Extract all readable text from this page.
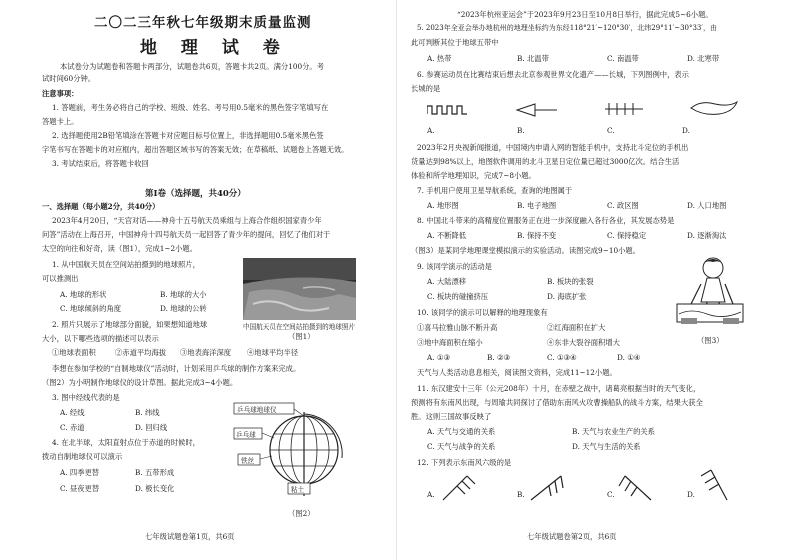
二〇二三年秋七年级期末质量监测
地 理 试 卷
本试卷分为试题卷和答题卡两部分，试题卷共6页，答题卡共2页。满分100分。考
试时间60分钟。
注意事项：
1. 答题前，考生务必将自己的学校、班级、姓名、考号用0.5毫米的黑色签字笔填写在
答题卡上。
2. 选择题使用2B铅笔填涂在答题卡对应题目标号位置上，非选择题用0.5毫米黑色签
字笔书写在答题卡的对应框内，超出答题区域书写的答案无效；在草稿纸、试题卷上答题无效。
3. 考试结束后，将答题卡收回
第Ⅰ卷（选择题，共40分）
一、选择题（每小题2分，共40分）
2023年4月20日，“天宫对话——神舟十五号航天员乘组与上海合作组织国家青少年
问答”活动在上海召开，中国神舟十四号航天员一起回答了青少年的提问，回忆了他们对于
太空的向往和好奇，读（图1），完成1~2小题。
1. 从中国航天员在空间站拍摄到的地球照片，
可以推测出
A. 地球的形状	B. 地球的大小
C. 地球倾斜的角度	D. 地球的公转
中国航天员在空间站拍摄到的地球照片
（图1）
2. 照片只展示了地球部分面貌，如果想知道地球
大小，以下哪些选项的描述可以表示
①地球表面积	②赤道平均海拔 ③地表海洋深度 ④地球平均半径
李想在参加学校的“自制地球仪”活动时，计划采用乒乓球的制作方案来完成。
（图2）为小明制作地球仪的设计草图。据此完成3~4小题。
3. 图中经线代表的是
A. 经线	B. 纬线
C. 赤道	D. 回归线
4. 在北半球，太阳直射点位于赤道的时候时，
拨动自制地球仪可以演示
A. 四季更替	B. 五带形成
C. 昼夜更替	D. 极长变化
乒乓球地球仪
乒乓球
铁丝
粘土
（图2）
七年级试题卷第1页，共6页
“2023年杭州亚运会”于2023年9月23日至10月8日举行，据此完成5~6小题。
5. 2023年全亚会举办地杭州的地理坐标约为东经118°21′~120°30′，北纬29°11′~30°33′，由
此可判断其位于地球五带中
A. 热带	B. 北温带	C. 南温带	D. 北寒带
6. 参赛运动员在比赛结束后想去北京参观世界文化遗产——长城，下列图例中，表示
长城的是
A.	B.	C.	D.
2023年2月央视新闻报道，中国境内申请入网的智能手机中，支持北斗定位的手机出
货量达到98%以上，地图软件调用的北斗卫星日定位量已超过3000亿次。结合生活
体验和所学地理知识，完成7~8小题。
7. 手机用户使用卫星导航系统，查询的地图属于
A. 地形图	B. 电子地图	C. 政区图	D. 人口地图
8. 中国北斗带来的高精度位置服务正在进一步深度融入各行各业，其发展态势是
A. 不断降低	B. 保持不变	C. 保持稳定	D. 逐渐淘汰
（图3）是某同学地理课堂模拟演示的实验活动。读图完成9~10小题。
9. 该同学演示的活动是
A. 大陆漂移	B. 板块的张裂
C. 板块的碰撞挤压	D. 海底扩张
（图3）
10. 该同学的演示可以解释的地理现象有
①喜马拉雅山脉不断升高	②红海面积在扩大
③地中海面积在缩小	④东非大裂谷面积增大
A. ①③	B. ②③	C. ①③④	D. ①④
天气与人类活动息息相关，阅读图文资料，完成11~12小题。
11. 东汉建安十三年（公元208年）十月，在赤壁之战中，诸葛亮根据当时的天气变化，
预测将有东南风出现，与周瑜共同探讨了借助东南风火攻曹操船队的战斗方案，结果大获全
胜。这则三国故事反映了
A. 天气与交通的关系	B. 天气与农业生产的关系
C. 天气与战争的关系	D. 天气与生活的关系
12. 下列表示东南风六级的是
A.	B.	C.	D.
七年级试题卷第2页，共6页
